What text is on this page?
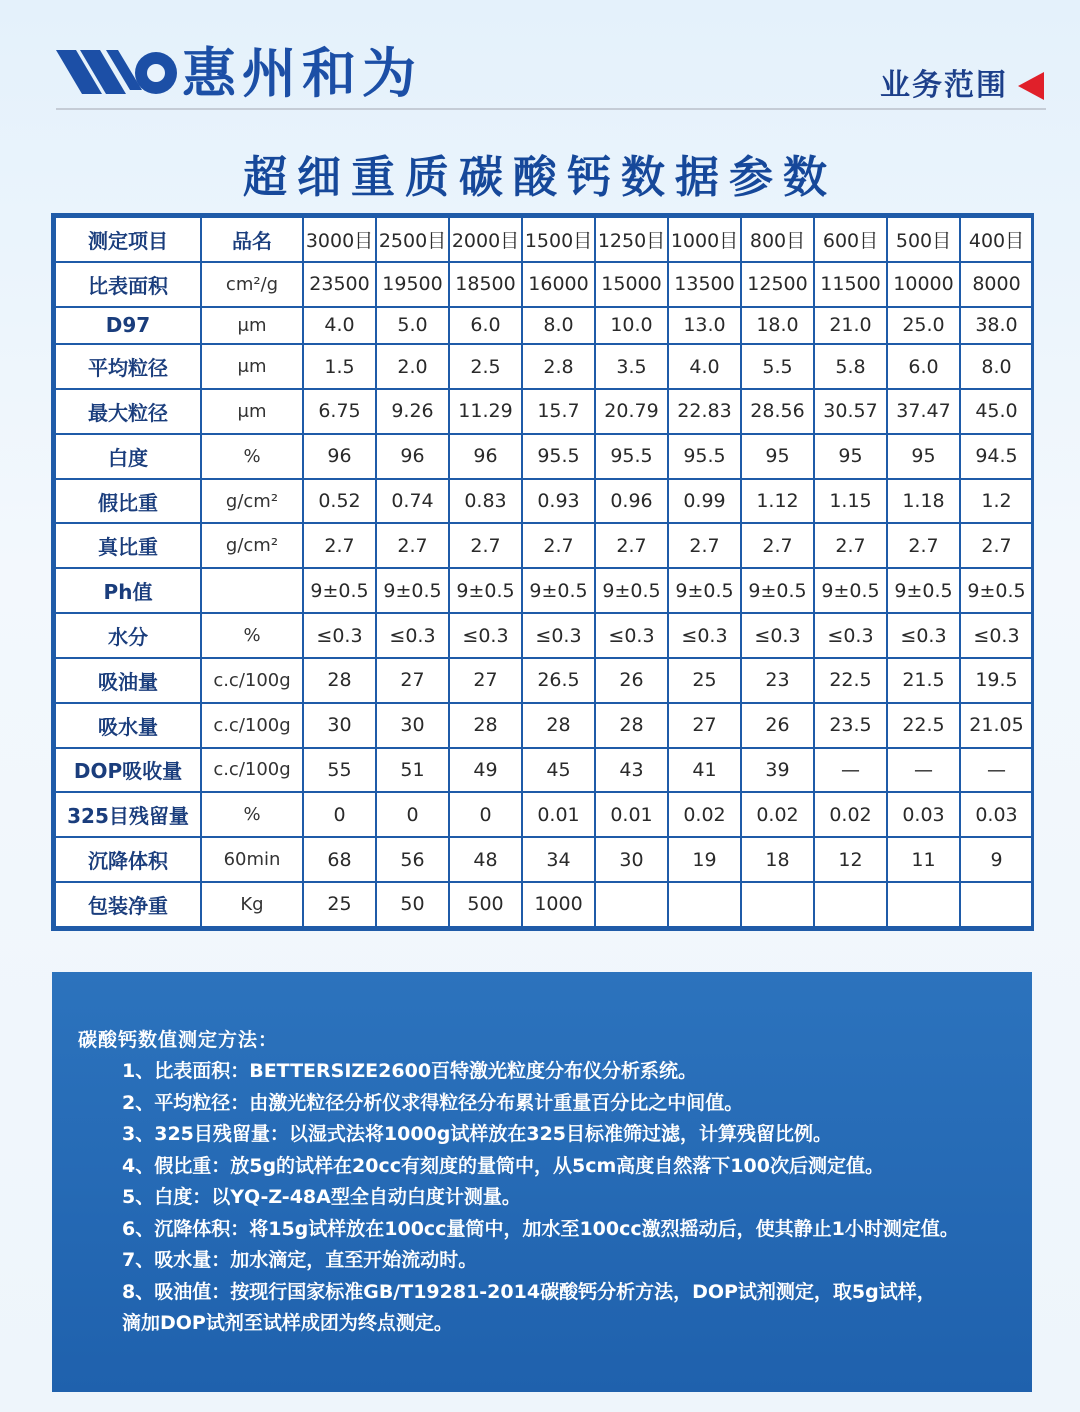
惠州和为	业务范围
超细重质碳酸钙数据参数
测定项目	品名	3000目	2500目	2000目	1500目	1250目	1000目	800目	600目	500目	400目
比表面积	cm²/g	23500	19500	18500	16000	15000	13500	12500	11500	10000	8000
D97	μm	4.0	5.0	6.0	8.0	10.0	13.0	18.0	21.0	25.0	38.0
平均粒径	μm	1.5	2.0	2.5	2.8	3.5	4.0	5.5	5.8	6.0	8.0
最大粒径	μm	6.75	9.26	11.29	15.7	20.79	22.83	28.56	30.57	37.47	45.0
白度	%	96	96	96	95.5	95.5	95.5	95	95	95	94.5
假比重	g/cm²	0.52	0.74	0.83	0.93	0.96	0.99	1.12	1.15	1.18	1.2
真比重	g/cm²	2.7	2.7	2.7	2.7	2.7	2.7	2.7	2.7	2.7	2.7
Ph值		9±0.5	9±0.5	9±0.5	9±0.5	9±0.5	9±0.5	9±0.5	9±0.5	9±0.5	9±0.5
水分	%	≤0.3	≤0.3	≤0.3	≤0.3	≤0.3	≤0.3	≤0.3	≤0.3	≤0.3	≤0.3
吸油量	c.c/100g	28	27	27	26.5	26	25	23	22.5	21.5	19.5
吸水量	c.c/100g	30	30	28	28	28	27	26	23.5	22.5	21.05
DOP吸收量	c.c/100g	55	51	49	45	43	41	39	—	—	—
325目残留量	%	0	0	0	0.01	0.01	0.02	0.02	0.02	0.03	0.03
沉降体积	60min	68	56	48	34	30	19	18	12	11	9
包装净重	Kg	25	50	500	1000						
碳酸钙数值测定方法：
1、比表面积：BETTERSIZE2600百特激光粒度分布仪分析系统。
2、平均粒径：由激光粒径分析仪求得粒径分布累计重量百分比之中间值。
3、325目残留量：以湿式法将1000g试样放在325目标准筛过滤，计算残留比例。
4、假比重：放5g的试样在20cc有刻度的量筒中，从5cm高度自然落下100次后测定值。
5、白度：以YQ-Z-48A型全自动白度计测量。
6、沉降体积：将15g试样放在100cc量筒中，加水至100cc激烈摇动后，使其静止1小时测定值。
7、吸水量：加水滴定，直至开始流动时。
8、吸油值：按现行国家标准GB/T19281-2014碳酸钙分析方法，DOP试剂测定，取5g试样，
滴加DOP试剂至试样成团为终点测定。
